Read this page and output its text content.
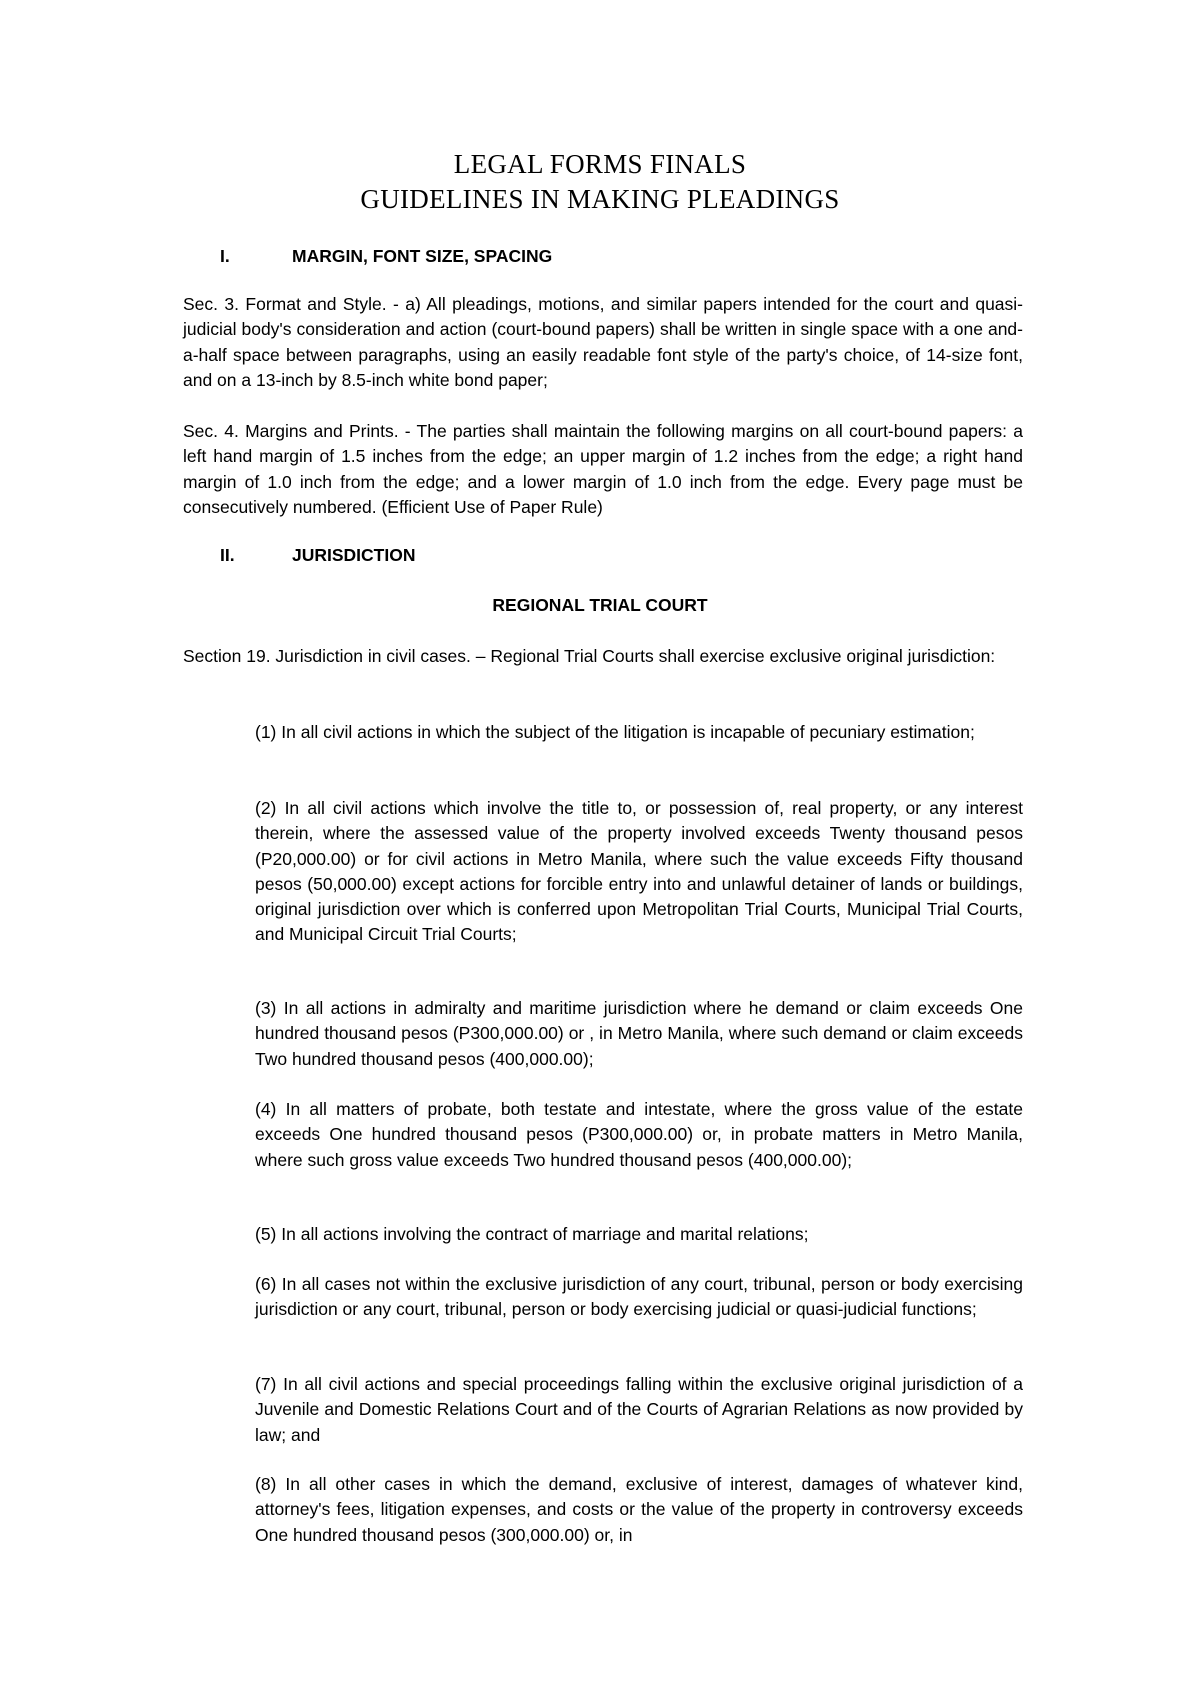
LEGAL FORMS FINALS
GUIDELINES IN MAKING PLEADINGS
I.	MARGIN, FONT SIZE, SPACING

Sec. 3. Format and Style. - a) All pleadings, motions, and similar papers intended for the court and quasi-judicial body's consideration and action (court-bound papers) shall be written in single space with a one and-a-half space between paragraphs, using an easily readable font style of the party's choice, of 14-size font, and on a 13-inch by 8.5-inch white bond paper;

Sec. 4. Margins and Prints. - The parties shall maintain the following margins on all court-bound papers: a left hand margin of 1.5 inches from the edge; an upper margin of 1.2 inches from the edge; a right hand margin of 1.0 inch from the edge; and a lower margin of 1.0 inch from the edge. Every page must be consecutively numbered. (Efficient Use of Paper Rule)

II.	JURISDICTION
REGIONAL TRIAL COURT

Section 19. Jurisdiction in civil cases. – Regional Trial Courts shall exercise exclusive original jurisdiction:

(1) In all civil actions in which the subject of the litigation is incapable of pecuniary estimation;

(2) In all civil actions which involve the title to, or possession of, real property, or any interest therein, where the assessed value of the property involved exceeds Twenty thousand pesos (P20,000.00) or for civil actions in Metro Manila, where such the value exceeds Fifty thousand pesos (50,000.00) except actions for forcible entry into and unlawful detainer of lands or buildings, original jurisdiction over which is conferred upon Metropolitan Trial Courts, Municipal Trial Courts, and Municipal Circuit Trial Courts;

(3) In all actions in admiralty and maritime jurisdiction where he demand or claim exceeds One hundred thousand pesos (P300,000.00) or , in Metro Manila, where such demand or claim exceeds Two hundred thousand pesos (400,000.00);

(4) In all matters of probate, both testate and intestate, where the gross value of the estate exceeds One hundred thousand pesos (P300,000.00) or, in probate matters in Metro Manila, where such gross value exceeds Two hundred thousand pesos (400,000.00);

(5) In all actions involving the contract of marriage and marital relations;

(6) In all cases not within the exclusive jurisdiction of any court, tribunal, person or body exercising jurisdiction or any court, tribunal, person or body exercising judicial or quasi-judicial functions;

(7) In all civil actions and special proceedings falling within the exclusive original jurisdiction of a Juvenile and Domestic Relations Court and of the Courts of Agrarian Relations as now provided by law; and

(8) In all other cases in which the demand, exclusive of interest, damages of whatever kind, attorney's fees, litigation expenses, and costs or the value of the property in controversy exceeds One hundred thousand pesos (300,000.00) or, in
